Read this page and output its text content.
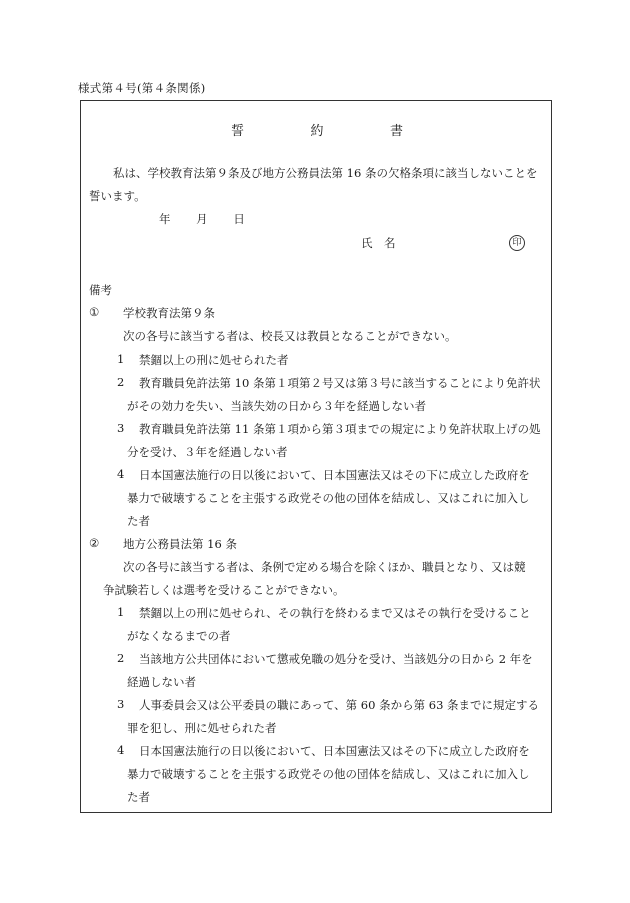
様式第４号(第４条関係)
誓	約	書
私は、学校教育法第９条及び地方公務員法第 16 条の欠格条項に該当しないことを
誓います。
年 月 日
氏　名	印
備考
① 学校教育法第９条
次の各号に該当する者は、校長又は教員となることができない。
1 禁錮以上の刑に処せられた者
2 教育職員免許法第 10 条第１項第２号又は第３号に該当することにより免許状
がその効力を失い、当該失効の日から３年を経過しない者
3 教育職員免許法第 11 条第１項から第３項までの規定により免許状取上げの処
分を受け、３年を経過しない者
4 日本国憲法施行の日以後において、日本国憲法又はその下に成立した政府を
暴力で破壊することを主張する政党その他の団体を結成し、又はこれに加入し
た者
② 地方公務員法第 16 条
次の各号に該当する者は、条例で定める場合を除くほか、職員となり、又は競
争試験若しくは選考を受けることができない。
1 禁錮以上の刑に処せられ、その執行を終わるまで又はその執行を受けること
がなくなるまでの者
2 当該地方公共団体において懲戒免職の処分を受け、当該処分の日から 2 年を
経過しない者
3 人事委員会又は公平委員の職にあって、第 60 条から第 63 条までに規定する
罪を犯し、刑に処せられた者
4 日本国憲法施行の日以後において、日本国憲法又はその下に成立した政府を
暴力で破壊することを主張する政党その他の団体を結成し、又はこれに加入し
た者
